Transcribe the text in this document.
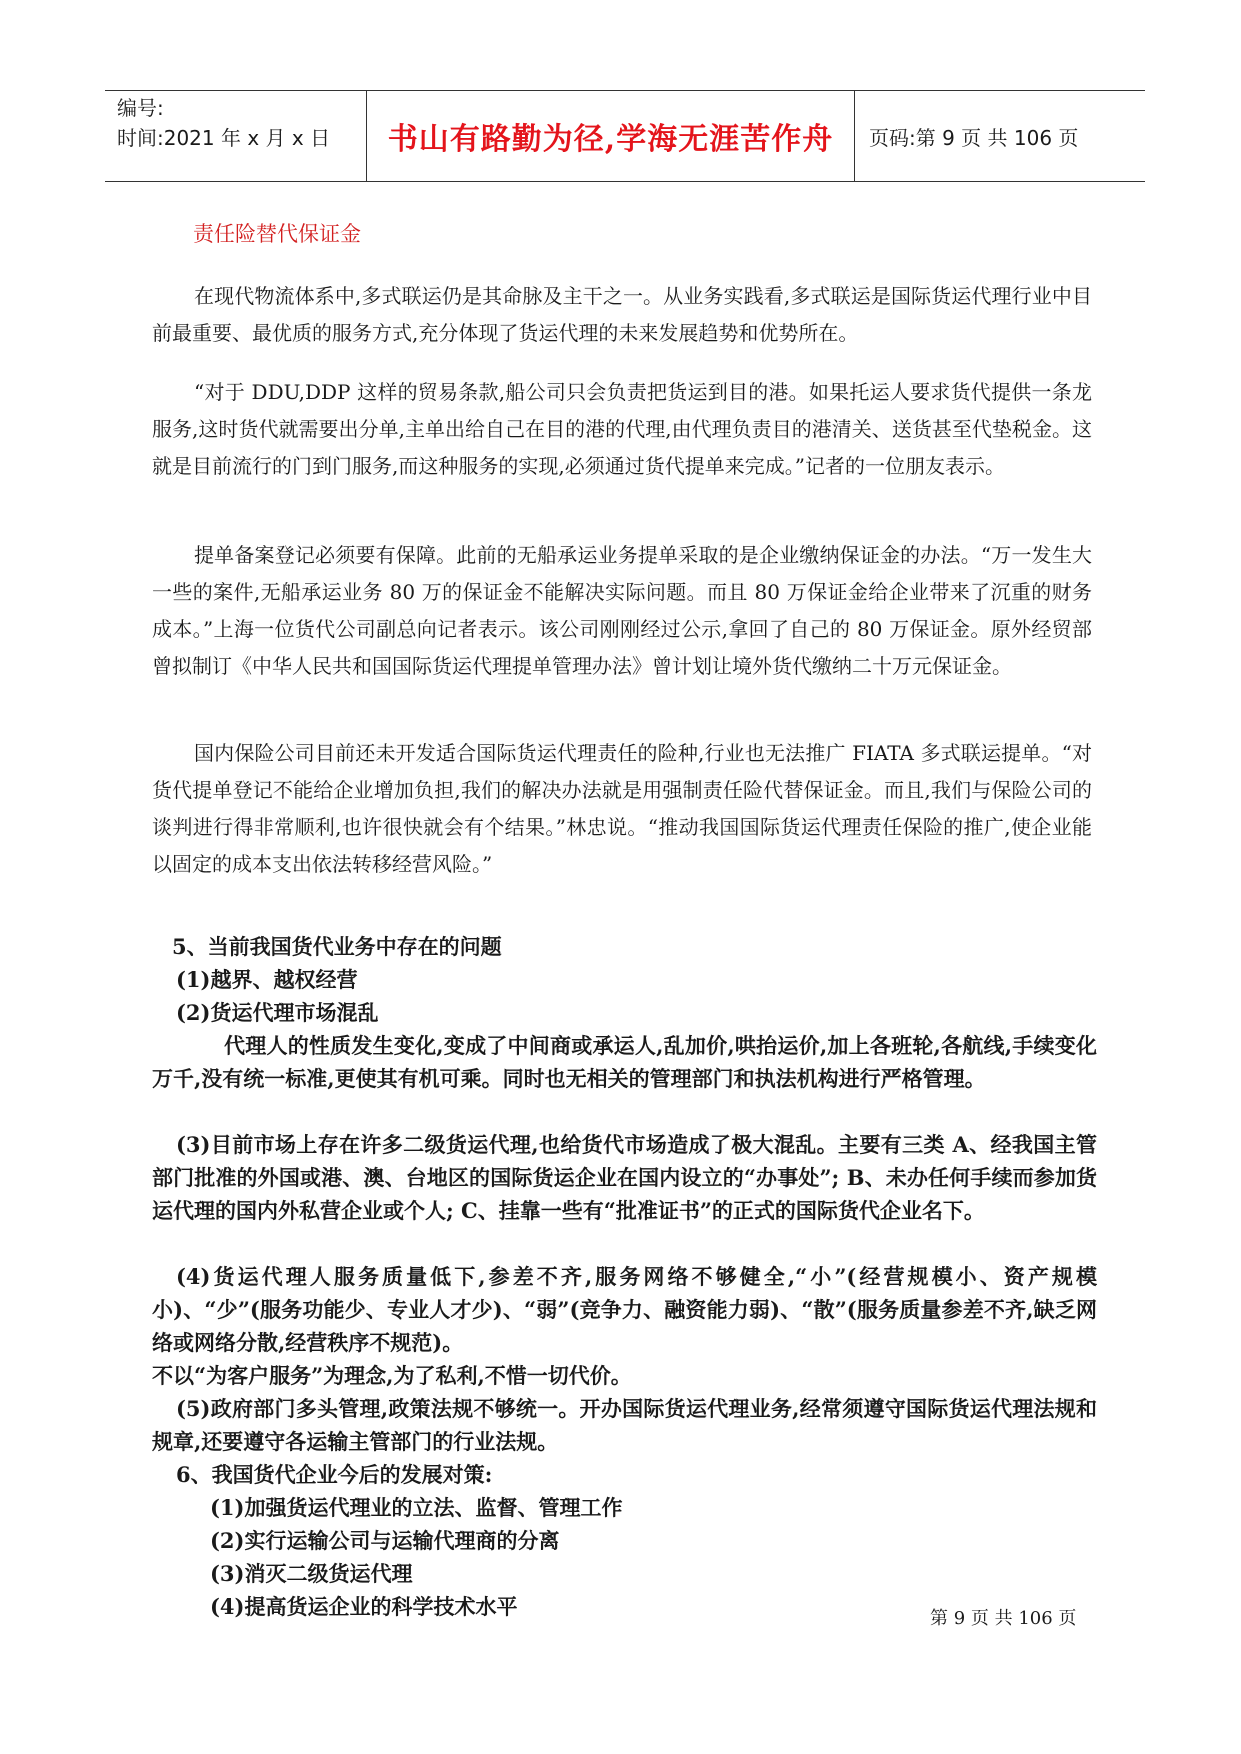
编号:
时间:2021 年 x 月 x 日	书山有路勤为径,学海无涯苦作舟	页码:第 9 页 共 106 页
责任险替代保证金

在现代物流体系中,多式联运仍是其命脉及主干之一。从业务实践看,多式联运是国际货运代理行业中目前最重要、最优质的服务方式,充分体现了货运代理的未来发展趋势和优势所在。

“对于 DDU,DDP 这样的贸易条款,船公司只会负责把货运到目的港。如果托运人要求货代提供一条龙服务,这时货代就需要出分单,主单出给自己在目的港的代理,由代理负责目的港清关、送货甚至代垫税金。这就是目前流行的门到门服务,而这种服务的实现,必须通过货代提单来完成。”记者的一位朋友表示。

提单备案登记必须要有保障。此前的无船承运业务提单采取的是企业缴纳保证金的办法。“万一发生大一些的案件,无船承运业务 80 万的保证金不能解决实际问题。而且 80 万保证金给企业带来了沉重的财务成本。”上海一位货代公司副总向记者表示。该公司刚刚经过公示,拿回了自己的 80 万保证金。原外经贸部曾拟制订《中华人民共和国国际货运代理提单管理办法》曾计划让境外货代缴纳二十万元保证金。

国内保险公司目前还未开发适合国际货运代理责任的险种,行业也无法推广 FIATA 多式联运提单。“对货代提单登记不能给企业增加负担,我们的解决办法就是用强制责任险代替保证金。而且,我们与保险公司的谈判进行得非常顺利,也许很快就会有个结果。”林忠说。“推动我国国际货运代理责任保险的推广,使企业能以固定的成本支出依法转移经营风险。”

5、当前我国货代业务中存在的问题
(1)越界、越权经营
(2)货运代理市场混乱

代理人的性质发生变化,变成了中间商或承运人,乱加价,哄抬运价,加上各班轮,各航线,手续变化万千,没有统一标准,更使其有机可乘。同时也无相关的管理部门和执法机构进行严格管理。

(3)目前市场上存在许多二级货运代理,也给货代市场造成了极大混乱。主要有三类 A、经我国主管部门批准的外国或港、澳、台地区的国际货运企业在国内设立的“办事处”; B、未办任何手续而参加货运代理的国内外私营企业或个人; C、挂靠一些有“批准证书”的正式的国际货代企业名下。

(4)货运代理人服务质量低下,参差不齐,服务网络不够健全,“小”(经营规模小、资产规模小)、“少”(服务功能少、专业人才少)、“弱”(竞争力、融资能力弱)、“散”(服务质量参差不齐,缺乏网络或网络分散,经营秩序不规范)。

不以“为客户服务”为理念,为了私利,不惜一切代价。

(5)政府部门多头管理,政策法规不够统一。开办国际货运代理业务,经常须遵守国际货运代理法规和规章,还要遵守各运输主管部门的行业法规。

6、我国货代企业今后的发展对策:
(1)加强货运代理业的立法、监督、管理工作
(2)实行运输公司与运输代理商的分离
(3)消灭二级货运代理
(4)提高货运企业的科学技术水平	第 9 页 共 106 页
